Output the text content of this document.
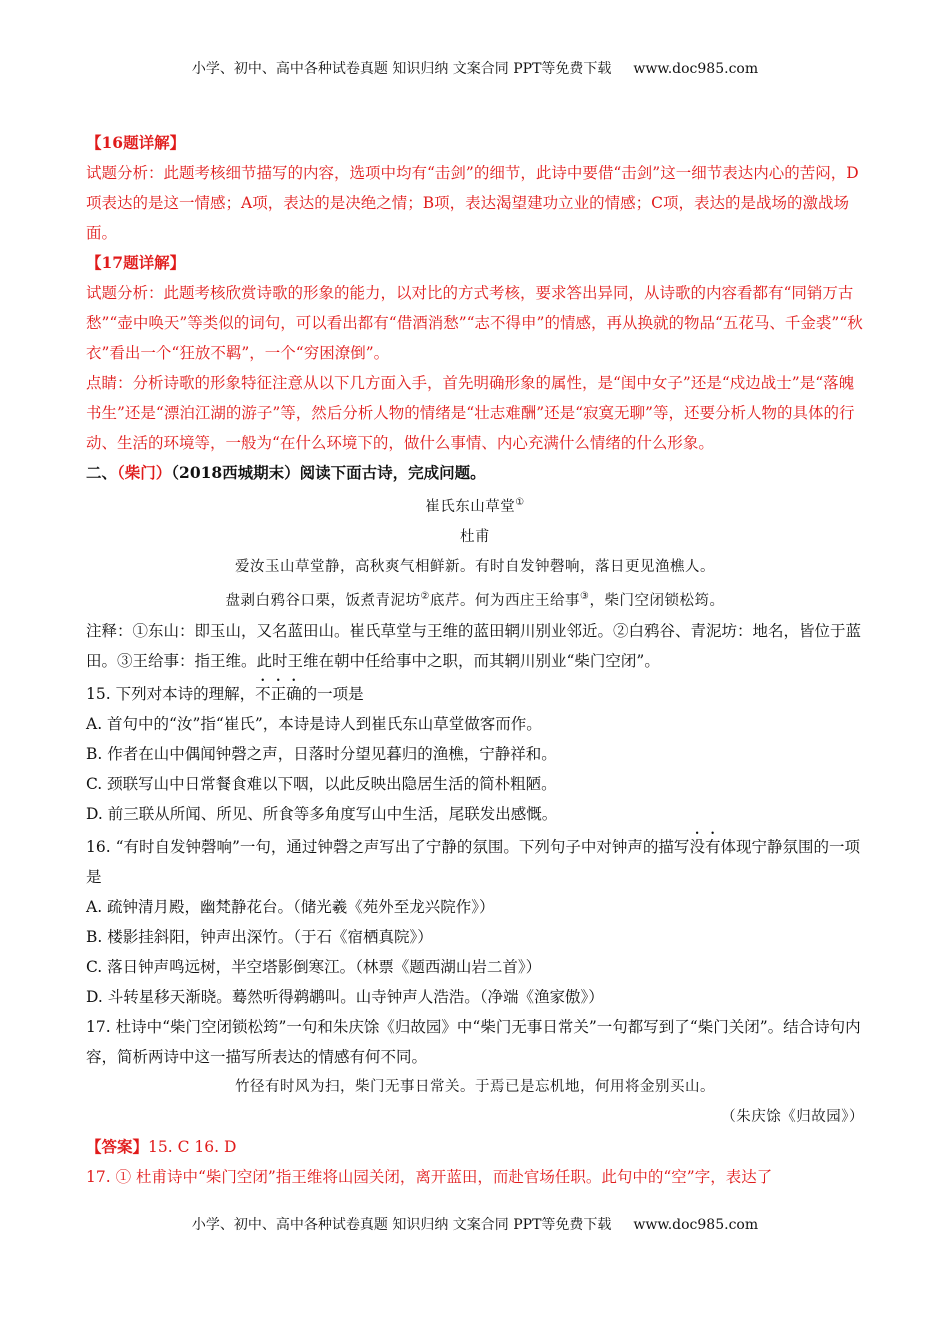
小学、初中、高中各种试卷真题 知识归纳 文案合同 PPT等免费下载 www.doc985.com

【16题详解】

试题分析：此题考核细节描写的内容，选项中均有“击剑”的细节，此诗中要借“击剑”这一细节表达内心的苦闷，D项表达的是这一情感；A项，表达的是决绝之情；B项，表达渴望建功立业的情感；C项，表达的是战场的激战场面。

【17题详解】

试题分析：此题考核欣赏诗歌的形象的能力，以对比的方式考核，要求答出异同，从诗歌的内容看都有“同销万古愁”“壶中唤天”等类似的词句，可以看出都有“借酒消愁”“志不得申”的情感，再从换就的物品“五花马、千金裘”“秋衣”看出一个“狂放不羁”，一个“穷困潦倒”。

点睛：分析诗歌的形象特征注意从以下几方面入手，首先明确形象的属性，是“闺中女子”还是“戍边战士”是“落魄书生”还是“漂泊江湖的游子”等，然后分析人物的情绪是“壮志难酬”还是“寂寞无聊”等，还要分析人物的具体的行动、生活的环境等，一般为“在什么环境下的，做什么事情、内心充满什么情绪的什么形象。

二、（柴门）（2018西城期末）阅读下面古诗，完成问题。

崔氏东山草堂①

杜甫

爱汝玉山草堂静，高秋爽气相鲜新。有时自发钟磬响，落日更见渔樵人。

盘剥白鸦谷口栗，饭煮青泥坊②底芹。何为西庄王给事③，柴门空闭锁松筠。

注释：①东山：即玉山，又名蓝田山。崔氏草堂与王维的蓝田辋川别业邻近。②白鸦谷、青泥坊：地名，皆位于蓝田。③王给事：指王维。此时王维在朝中任给事中之职，而其辋川别业“柴门空闭”。

15. 下列对本诗的理解，不正确的一项是

A. 首句中的“汝”指“崔氏”，本诗是诗人到崔氏东山草堂做客而作。

B. 作者在山中偶闻钟磬之声，日落时分望见暮归的渔樵，宁静祥和。

C. 颈联写山中日常餐食难以下咽，以此反映出隐居生活的简朴粗陋。

D. 前三联从所闻、所见、所食等多角度写山中生活，尾联发出感慨。

16. “有时自发钟磬响”一句，通过钟磬之声写出了宁静的氛围。下列句子中对钟声的描写没有体现宁静氛围的一项是

A. 疏钟清月殿，幽梵静花台。（储光羲《苑外至龙兴院作》）

B. 楼影挂斜阳，钟声出深竹。（于石《宿栖真院》）

C. 落日钟声鸣远树，半空塔影倒寒江。（林票《题西湖山岩二首》）

D. 斗转星移天渐晓。蓦然听得鹈鹕叫。山寺钟声人浩浩。（净端《渔家傲》）

17. 杜诗中“柴门空闭锁松筠”一句和朱庆馀《归故园》中“柴门无事日常关”一句都写到了“柴门关闭”。结合诗句内容，简析两诗中这一描写所表达的情感有何不同。

竹径有时风为扫，柴门无事日常关。于焉已是忘机地，何用将金别买山。

（朱庆馀《归故园》）

【答案】15. C 16. D

17. ① 杜甫诗中“柴门空闭”指王维将山园关闭，离开蓝田，而赴官场任职。此句中的“空”字，表达了

小学、初中、高中各种试卷真题 知识归纳 文案合同 PPT等免费下载 www.doc985.com
